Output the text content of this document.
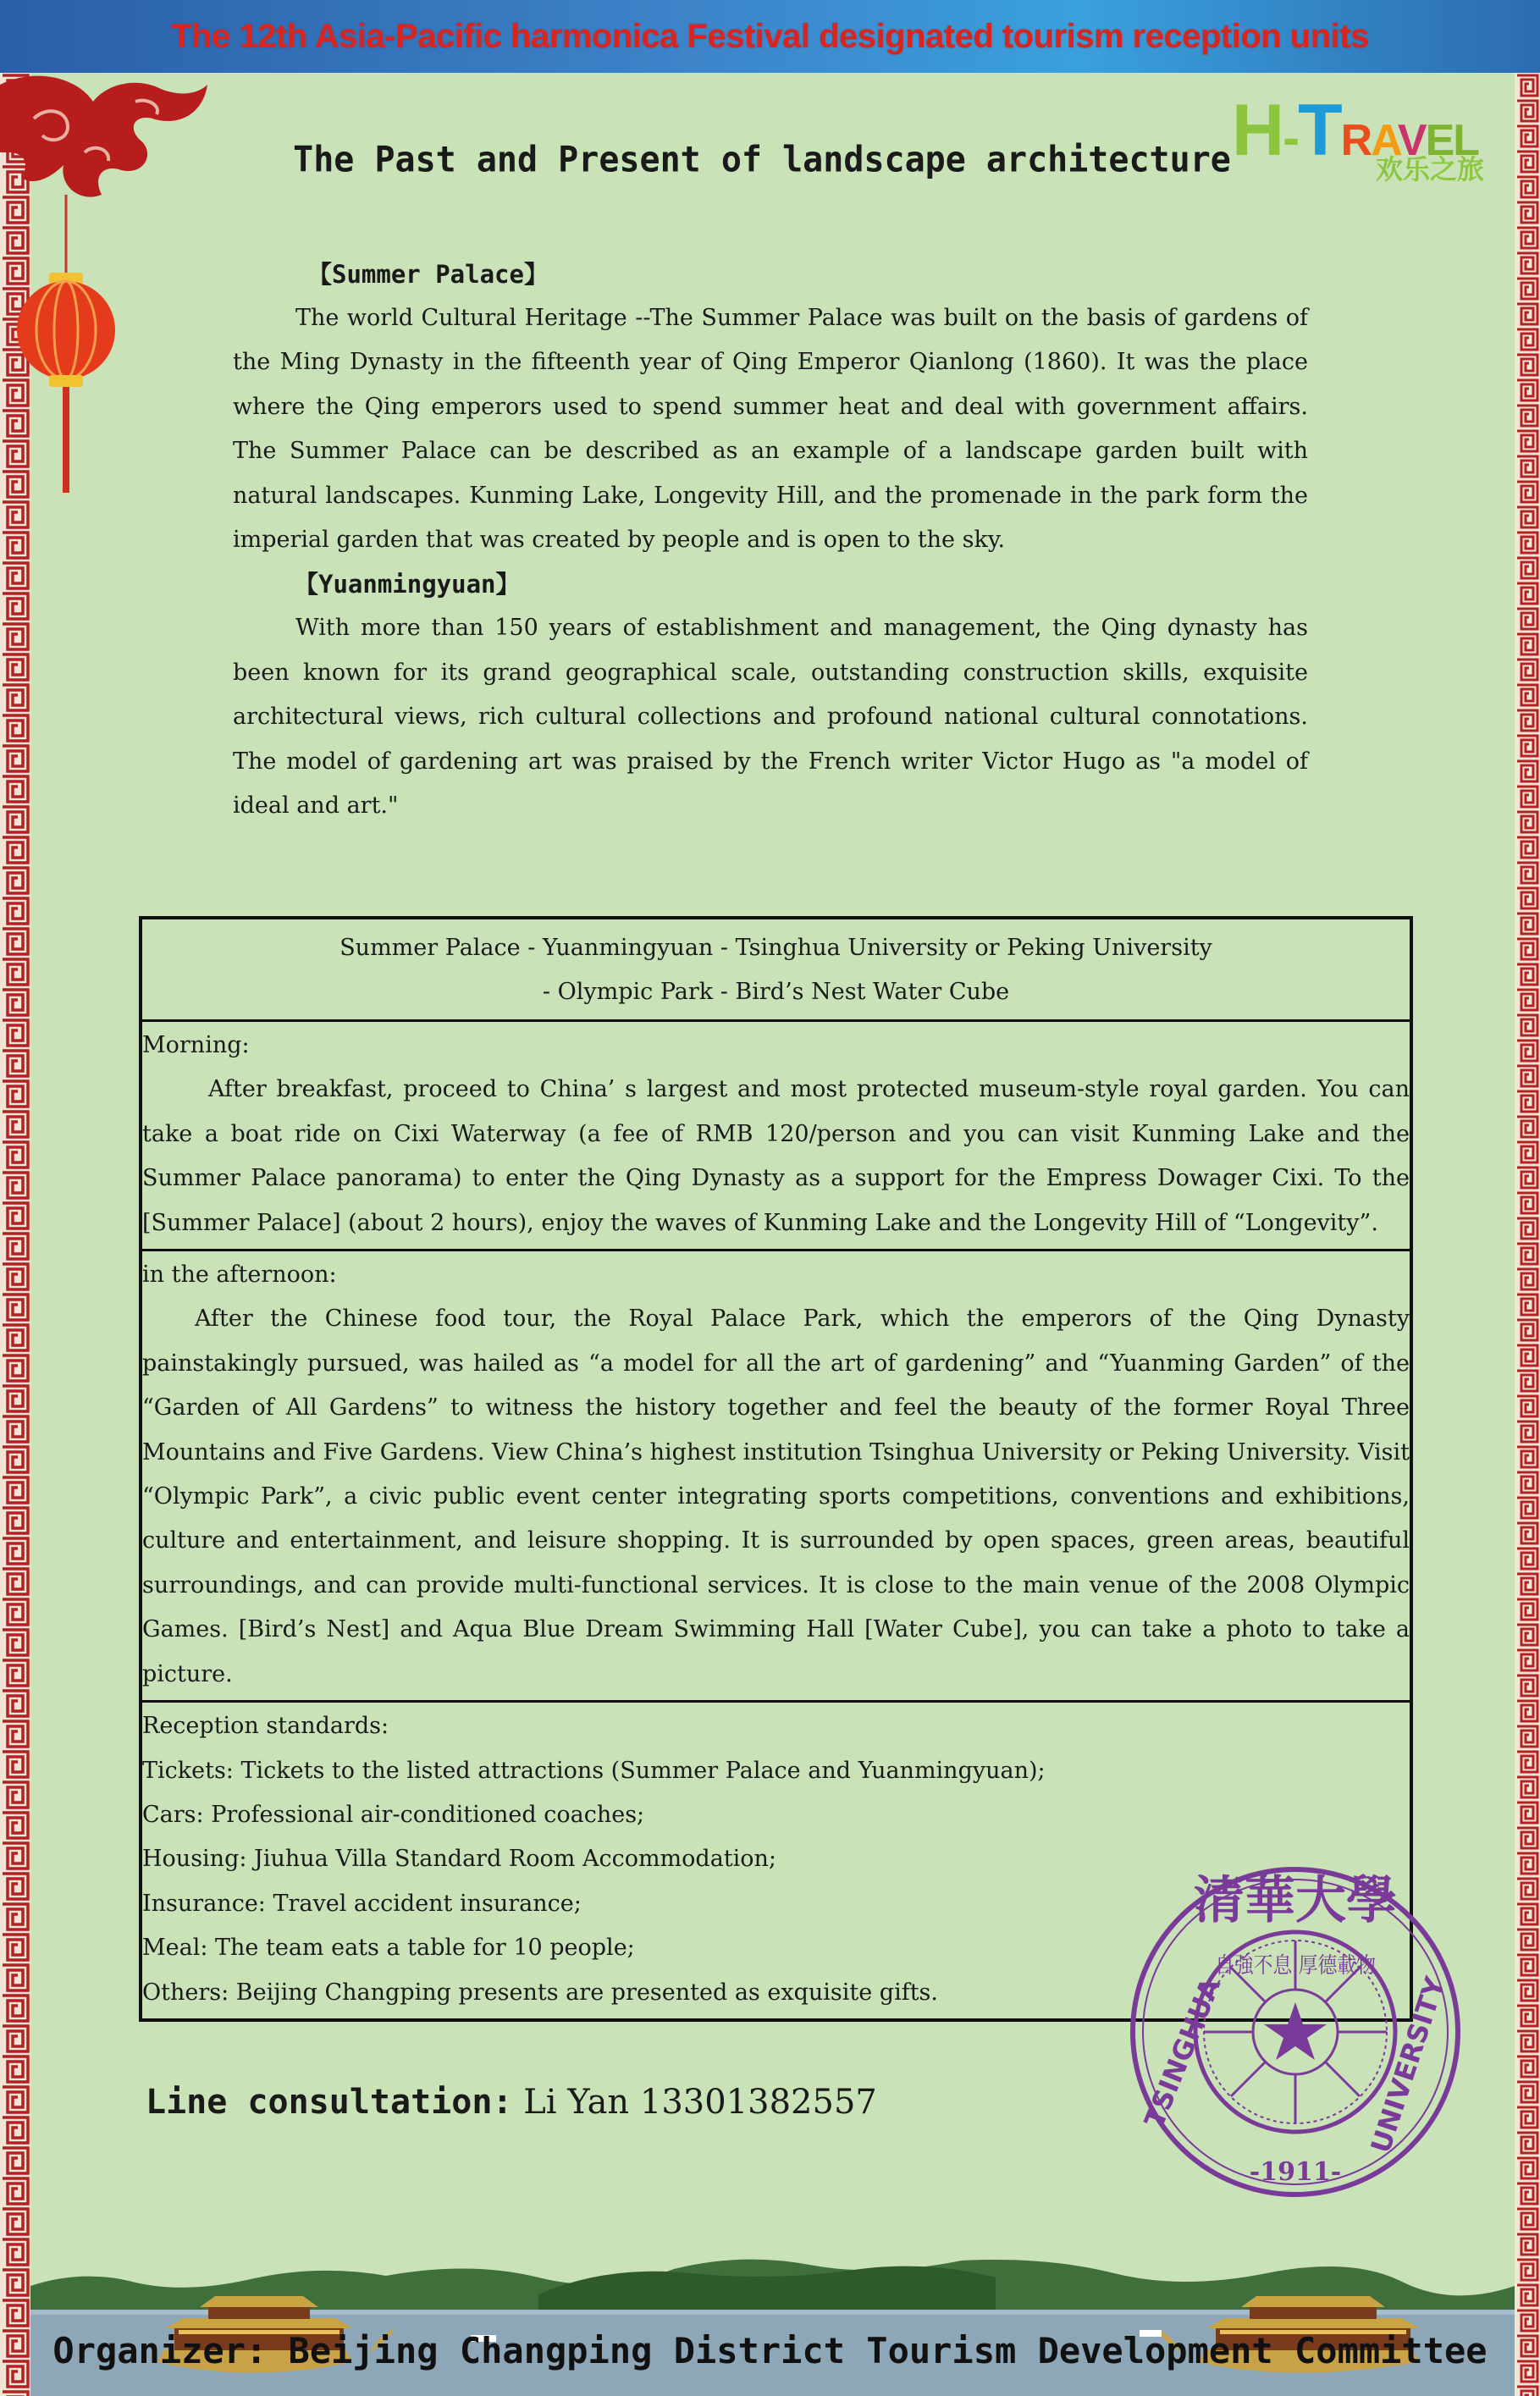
The 12th Asia-Pacific harmonica Festival designated tourism reception units
H-TRAVEL
欢乐之旅
The Past and Present of landscape architecture
【Summer Palace】

The world Cultural Heritage --The Summer Palace was built on the basis of gardens of the Ming Dynasty in the fifteenth year of Qing Emperor Qianlong (1860). It was the place where the Qing emperors used to spend summer heat and deal with government affairs. The Summer Palace can be described as an example of a landscape garden built with natural landscapes. Kunming Lake, Longevity Hill, and the promenade in the park form the imperial garden that was created by people and is open to the sky.

【Yuanmingyuan】

With more than 150 years of establishment and management, the Qing dynasty has been known for its grand geographical scale, outstanding construction skills, exquisite architectural views, rich cultural collections and profound national cultural connotations. The model of gardening art was praised by the French writer Victor Hugo as "a model of ideal and art."

Summer Palace - Yuanmingyuan - Tsinghua University or Peking University
- Olympic Park - Bird’s Nest Water Cube
Morning:
After breakfast, proceed to China’ s largest and most protected museum-style royal garden. You can take a boat ride on Cixi Waterway (a fee of RMB 120/person and you can visit Kunming Lake and the Summer Palace panorama) to enter the Qing Dynasty as a support for the Empress Dowager Cixi. To the [Summer Palace] (about 2 hours), enjoy the waves of Kunming Lake and the Longevity Hill of “Longevity”.
in the afternoon:
After the Chinese food tour, the Royal Palace Park, which the emperors of the Qing Dynasty painstakingly pursued, was hailed as “a model for all the art of gardening” and “Yuanming Garden” of the “Garden of All Gardens” to witness the history together and feel the beauty of the former Royal Three Mountains and Five Gardens. View China’s highest institution Tsinghua University or Peking University. Visit “Olympic Park”, a civic public event center integrating sports competitions, conventions and exhibitions, culture and entertainment, and leisure shopping. It is surrounded by open spaces, green areas, beautiful surroundings, and can provide multi-functional services. It is close to the main venue of the 2008 Olympic Games. [Bird’s Nest] and Aqua Blue Dream Swimming Hall [Water Cube], you can take a photo to take a picture.
Reception standards:
Tickets: Tickets to the listed attractions (Summer Palace and Yuanmingyuan);
Cars: Professional air-conditioned coaches;
Housing: Jiuhua Villa Standard Room Accommodation;
Insurance: Travel accident insurance;
Meal: The team eats a table for 10 people;
Others: Beijing Changping presents are presented as exquisite gifts.
Line consultation: Li Yan 13301382557
清華大學
-1911-
自強不息 厚德載物
TSINGHUA	UNIVERSITY
Organizer: Beijing Changping District Tourism Development Committee
